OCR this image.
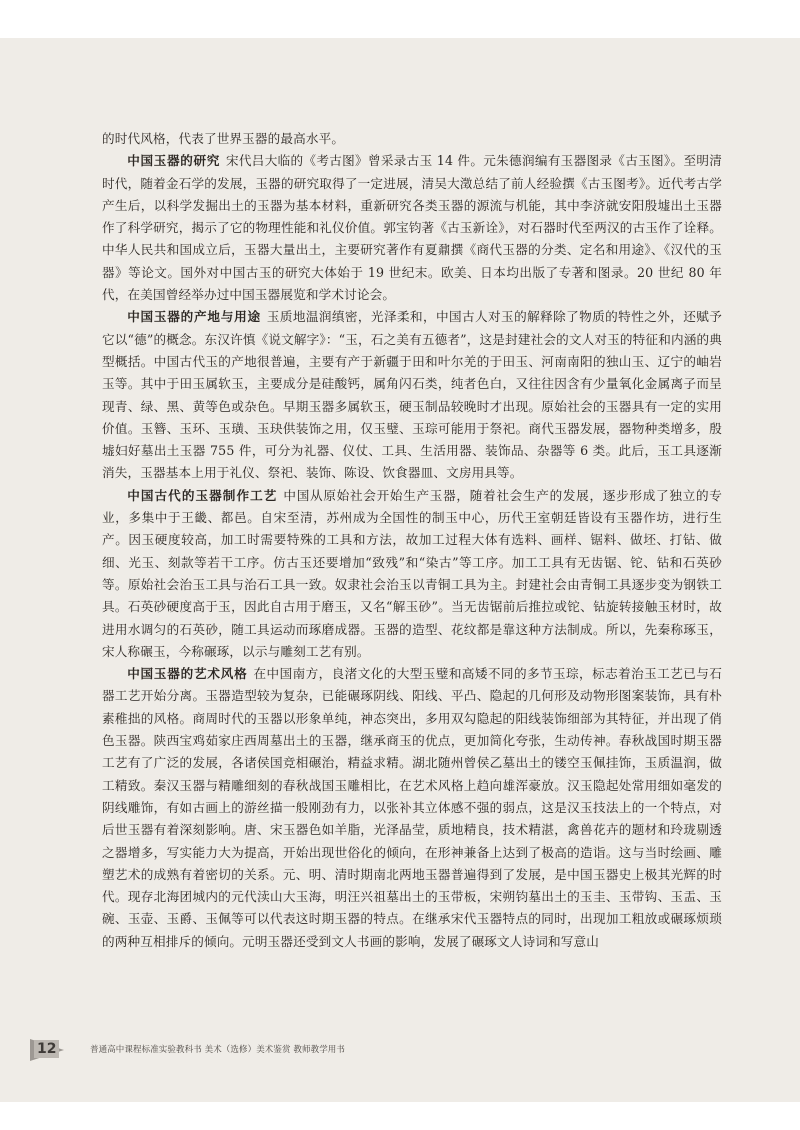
的时代风格，代表了世界玉器的最高水平。

中国玉器的研究 宋代吕大临的《考古图》曾采录古玉 14 件。元朱德润编有玉器图录《古玉图》。至明清时代，随着金石学的发展，玉器的研究取得了一定进展，清吴大澂总结了前人经验撰《古玉图考》。近代考古学产生后，以科学发掘出土的玉器为基本材料，重新研究各类玉器的源流与机能，其中李济就安阳殷墟出土玉器作了科学研究，揭示了它的物理性能和礼仪价值。郭宝钧著《古玉新诠》，对石器时代至两汉的古玉作了诠释。中华人民共和国成立后，玉器大量出土，主要研究著作有夏鼐撰《商代玉器的分类、定名和用途》、《汉代的玉器》等论文。国外对中国古玉的研究大体始于 19 世纪末。欧美、日本均出版了专著和图录。20 世纪 80 年代，在美国曾经举办过中国玉器展览和学术讨论会。

中国玉器的产地与用途 玉质地温润缜密，光泽柔和，中国古人对玉的解释除了物质的特性之外，还赋予它以“德”的概念。东汉许慎《说文解字》：“玉，石之美有五德者”，这是封建社会的文人对玉的特征和内涵的典型概括。中国古代玉的产地很普遍，主要有产于新疆于田和叶尔羌的于田玉、河南南阳的独山玉、辽宁的岫岩玉等。其中于田玉属软玉，主要成分是硅酸钙，属角闪石类，纯者色白，又往往因含有少量氧化金属离子而呈现青、绿、黑、黄等色或杂色。早期玉器多属软玉，硬玉制品较晚时才出现。原始社会的玉器具有一定的实用价值。玉簪、玉环、玉璜、玉玦供装饰之用，仅玉璧、玉琮可能用于祭祀。商代玉器发展，器物种类增多，殷墟妇好墓出土玉器 755 件，可分为礼器、仪仗、工具、生活用器、装饰品、杂器等 6 类。此后，玉工具逐渐消失，玉器基本上用于礼仪、祭祀、装饰、陈设、饮食器皿、文房用具等。

中国古代的玉器制作工艺 中国从原始社会开始生产玉器，随着社会生产的发展，逐步形成了独立的专业，多集中于王畿、都邑。自宋至清，苏州成为全国性的制玉中心，历代王室朝廷皆设有玉器作坊，进行生产。因玉硬度较高，加工时需要特殊的工具和方法，故加工过程大体有选料、画样、锯料、做坯、打钻、做细、光玉、刻款等若干工序。仿古玉还要增加“致残”和“染古”等工序。加工工具有无齿锯、铊、钻和石英砂等。原始社会治玉工具与治石工具一致。奴隶社会治玉以青铜工具为主。封建社会由青铜工具逐步变为钢铁工具。石英砂硬度高于玉，因此自古用于磨玉，又名“解玉砂”。当无齿锯前后推拉或铊、钻旋转接触玉材时，故进用水调匀的石英砂，随工具运动而琢磨成器。玉器的造型、花纹都是靠这种方法制成。所以，先秦称琢玉，宋人称碾玉，今称碾琢，以示与雕刻工艺有别。

中国玉器的艺术风格 在中国南方，良渚文化的大型玉璧和高矮不同的多节玉琮，标志着治玉工艺已与石器工艺开始分离。玉器造型较为复杂，已能碾琢阴线、阳线、平凸、隐起的几何形及动物形图案装饰，具有朴素稚拙的风格。商周时代的玉器以形象单纯，神态突出，多用双勾隐起的阳线装饰细部为其特征，并出现了俏色玉器。陕西宝鸡茹家庄西周墓出土的玉器，继承商玉的优点，更加简化夸张，生动传神。春秋战国时期玉器工艺有了广泛的发展，各诸侯国竞相碾治，精益求精。湖北随州曾侯乙墓出土的镂空玉佩挂饰，玉质温润，做工精致。秦汉玉器与精雕细刻的春秋战国玉雕相比，在艺术风格上趋向雄浑豪放。汉玉隐起处常用细如毫发的阴线雕饰，有如古画上的游丝描一般刚劲有力，以张补其立体感不强的弱点，这是汉玉技法上的一个特点，对后世玉器有着深刻影响。唐、宋玉器色如羊脂，光泽晶莹，质地精良，技术精湛，禽兽花卉的题材和玲珑剔透之器增多，写实能力大为提高，开始出现世俗化的倾向，在形神兼备上达到了极高的造诣。这与当时绘画、雕塑艺术的成熟有着密切的关系。元、明、清时期南北两地玉器普遍得到了发展，是中国玉器史上极其光辉的时代。现存北海团城内的元代渎山大玉海，明汪兴祖墓出土的玉带板，宋朔钧墓出土的玉圭、玉带钩、玉盂、玉碗、玉壶、玉爵、玉佩等可以代表这时期玉器的特点。在继承宋代玉器特点的同时，出现加工粗放或碾琢烦琐的两种互相排斥的倾向。元明玉器还受到文人书画的影响，发展了碾琢文人诗词和写意山

12	普通高中课程标准实验教科书 美术（选修）美术鉴赏 教师教学用书
